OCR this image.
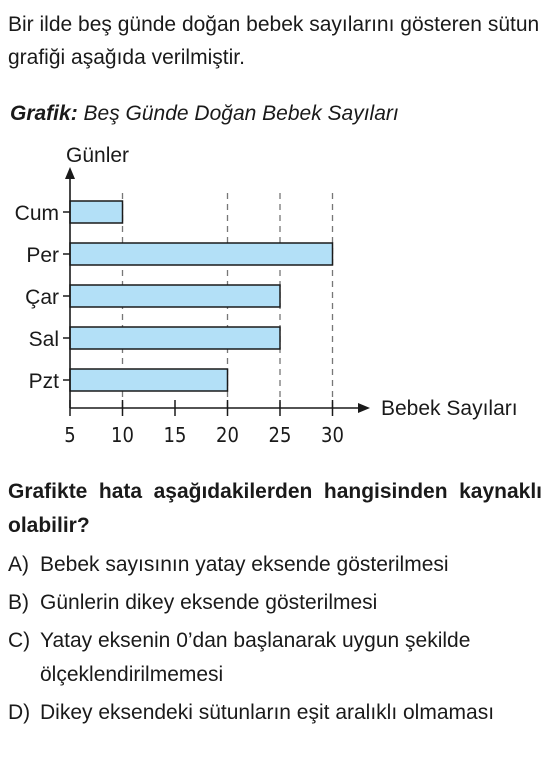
Bir ilde beş günde doğan bebek sayılarını gösteren sütun grafiği aşağıda verilmiştir.

Grafik: Beş Günde Doğan Bebek Sayıları

Cum
Per
Çar
Sal
Pzt
Günler
Bebek Sayıları
5 10 15 20 25 30

Grafikte hata aşağıdakilerden hangisinden kaynaklı olabilir?

A) Bebek sayısının yatay eksende gösterilmesi
B) Günlerin dikey eksende gösterilmesi
C) Yatay eksenin 0’dan başlanarak uygun şekilde ölçeklendirilmemesi
D) Dikey eksendeki sütunların eşit aralıklı olmaması
